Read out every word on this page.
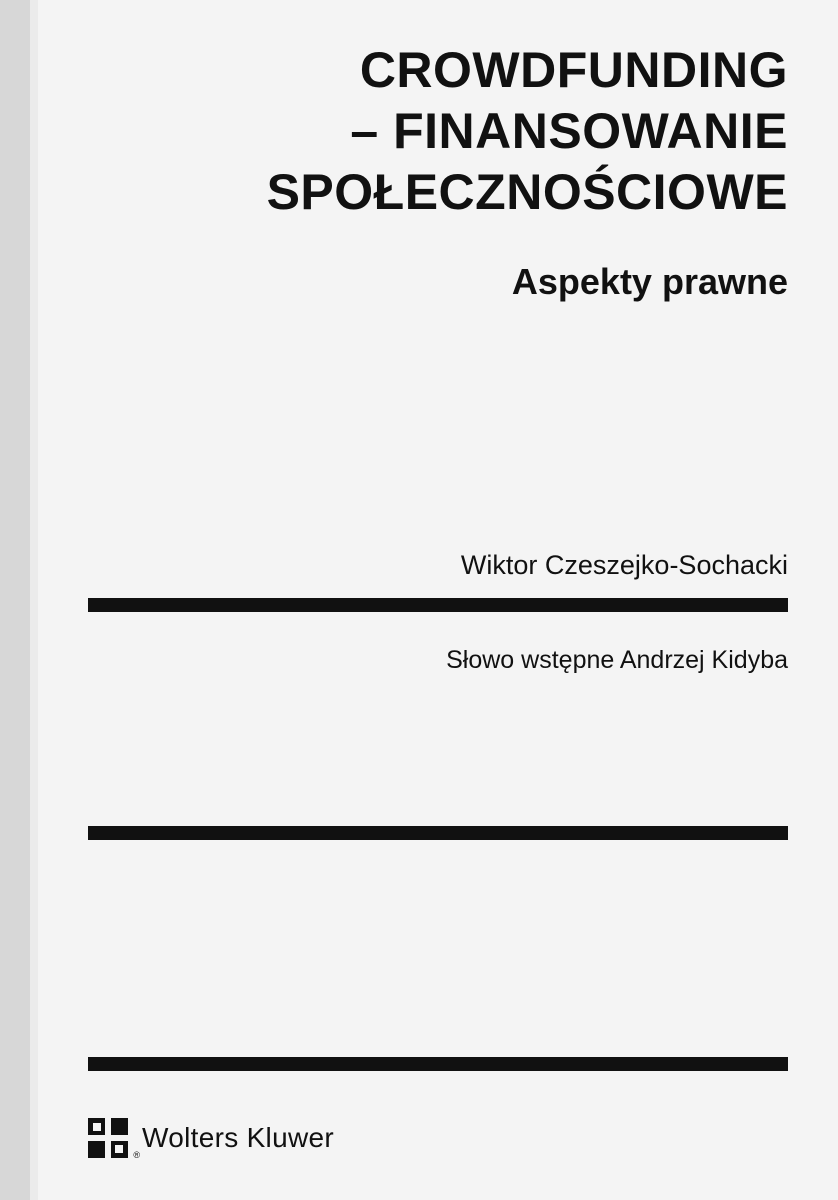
CROWDFUNDING
– FINANSOWANIE
SPOŁECZNOŚCIOWE
Aspekty prawne
Wiktor Czeszejko-Sochacki
Słowo wstępne Andrzej Kidyba
®
Wolters Kluwer
